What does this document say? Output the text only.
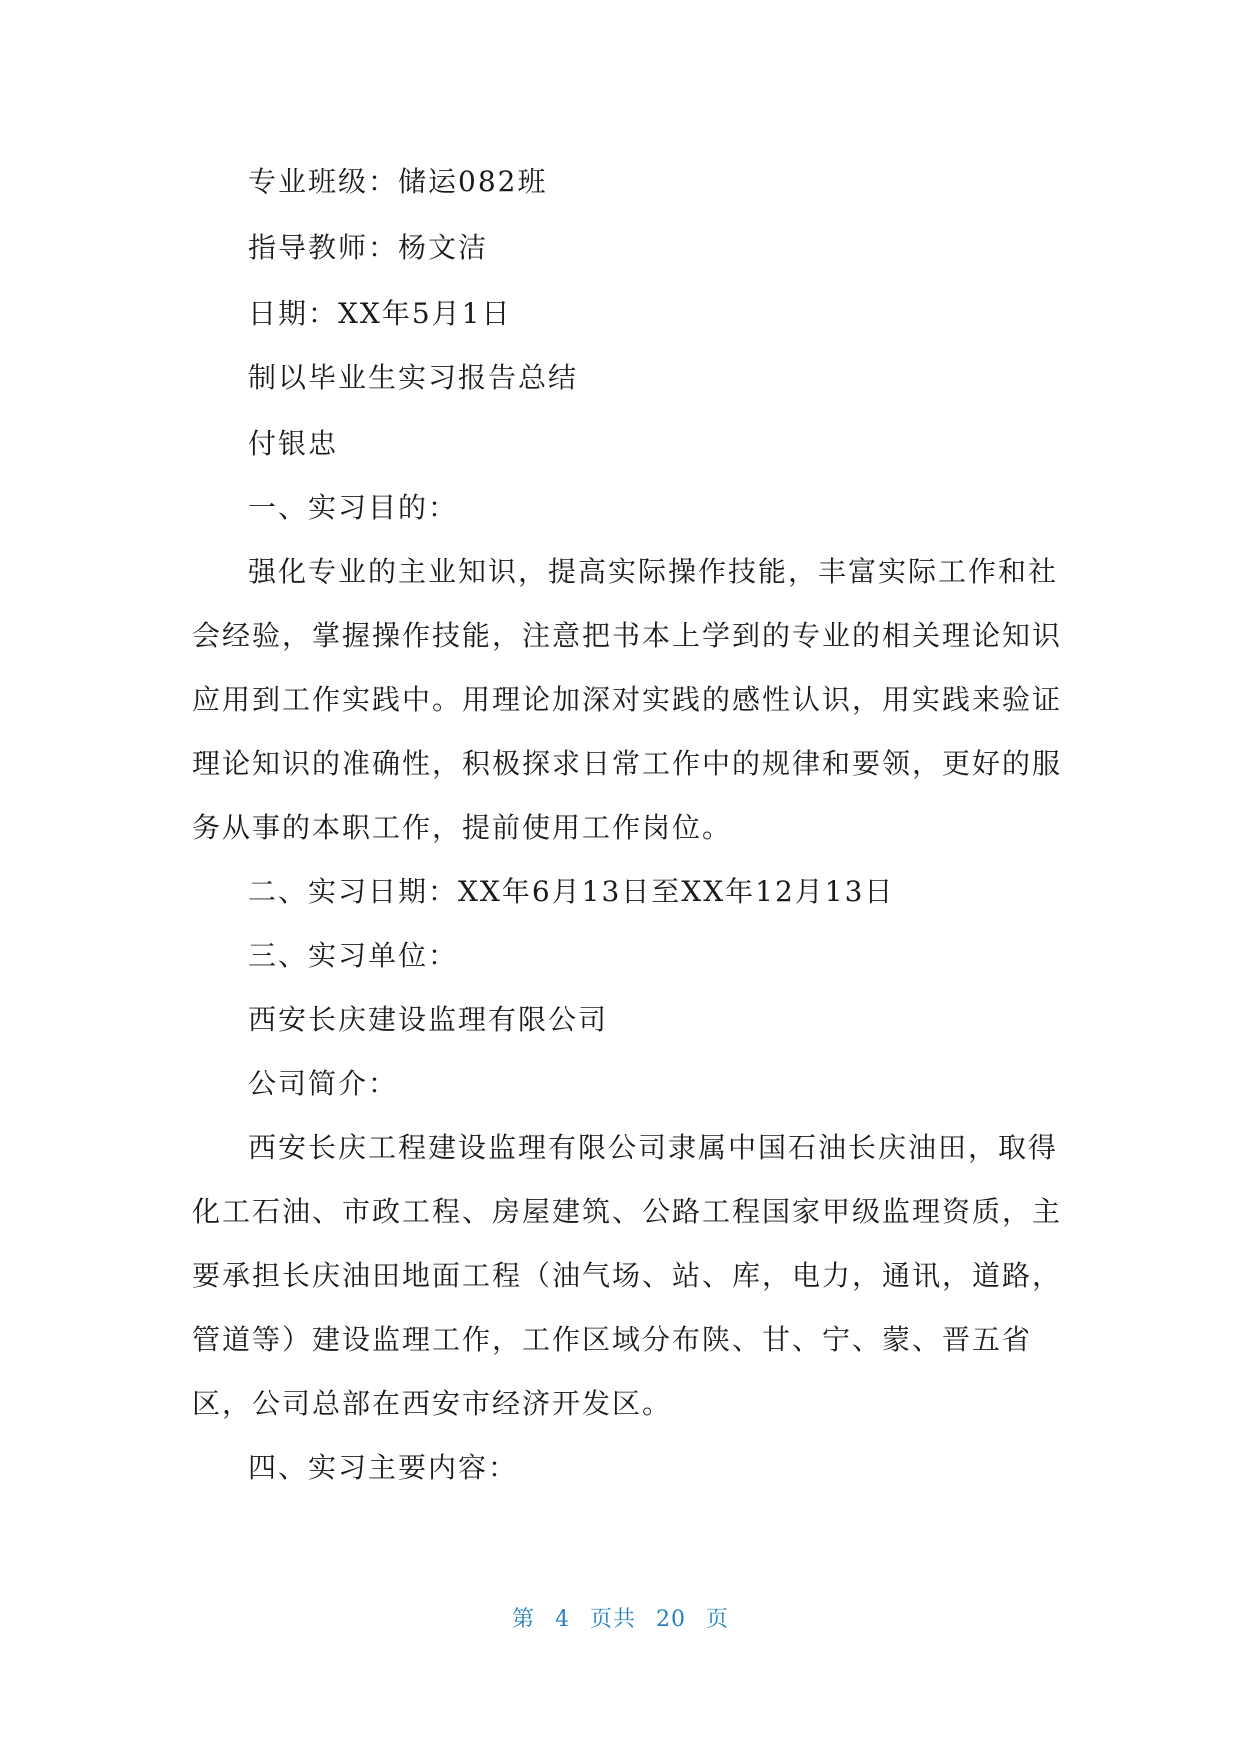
专业班级：储运082班
指导教师：杨文洁
日期：XX年5月1日
制以毕业生实习报告总结
付银忠
一、实习目的：
强化专业的主业知识，提高实际操作技能，丰富实际工作和社
会经验，掌握操作技能，注意把书本上学到的专业的相关理论知识
应用到工作实践中。用理论加深对实践的感性认识，用实践来验证
理论知识的准确性，积极探求日常工作中的规律和要领，更好的服
务从事的本职工作，提前使用工作岗位。
二、实习日期：XX年6月13日至XX年12月13日
三、实习单位：
西安长庆建设监理有限公司
公司简介：
西安长庆工程建设监理有限公司隶属中国石油长庆油田，取得
化工石油、市政工程、房屋建筑、公路工程国家甲级监理资质，主
要承担长庆油田地面工程（油气场、站、库，电力，通讯，道路，
管道等）建设监理工作，工作区域分布陕、甘、宁、蒙、晋五省
区，公司总部在西安市经济开发区。
四、实习主要内容：
第 4 页共 20 页
